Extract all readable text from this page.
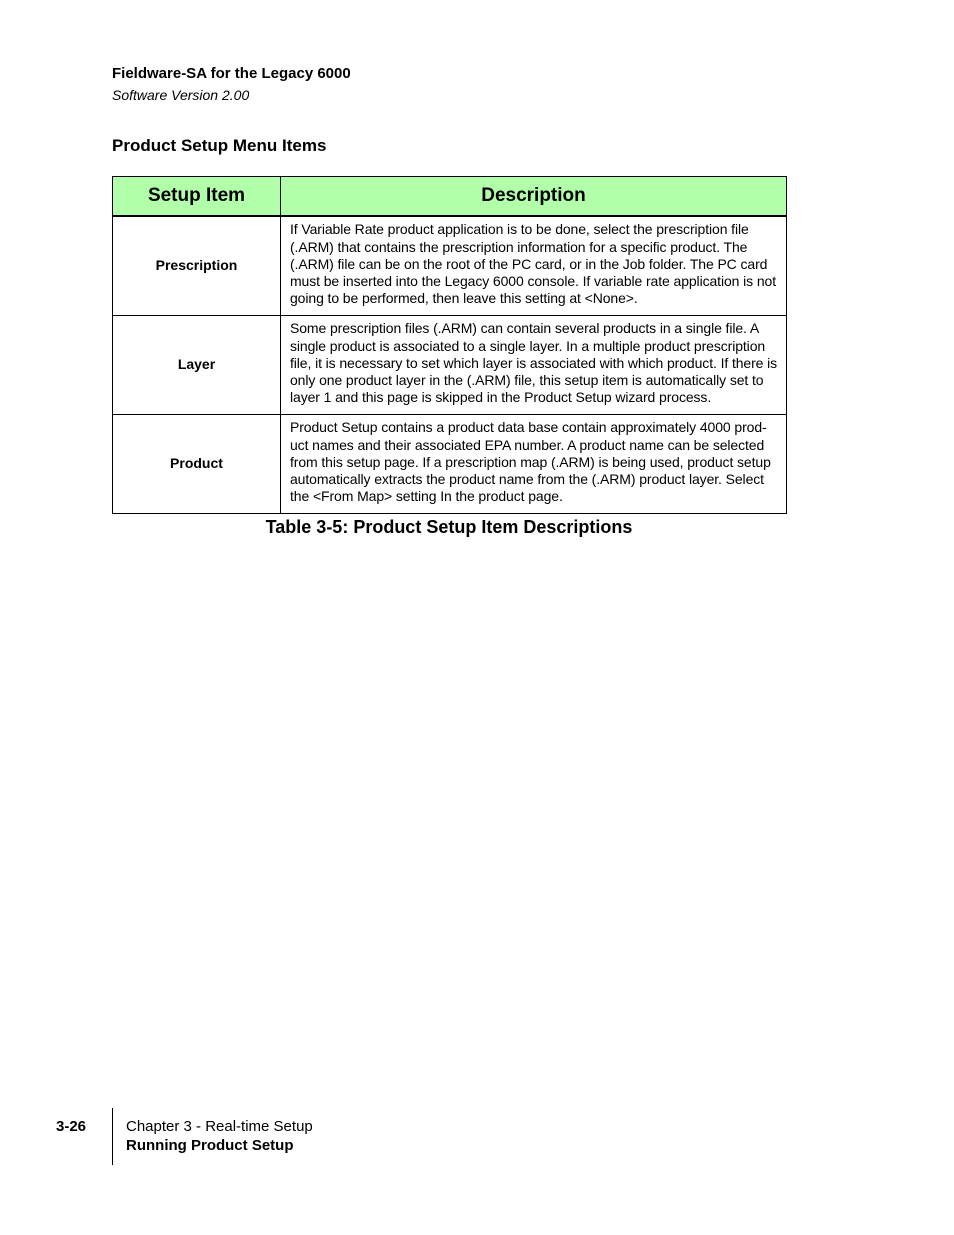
Fieldware-SA for the Legacy 6000
Software Version 2.00
Product Setup Menu Items
Setup Item	Description
Prescription	If Variable Rate product application is to be done, select the prescription file (.ARM) that contains the prescription information for a specific product. The (.ARM) file can be on the root of the PC card, or in the Job folder. The PC card must be inserted into the Legacy 6000 console. If variable rate application is not going to be performed, then leave this setting at <None>.
Layer	Some prescription files (.ARM) can contain several products in a single file. A single product is associated to a single layer. In a multiple product prescription file, it is necessary to set which layer is associated with which product. If there is only one product layer in the (.ARM) file, this setup item is automatically set to layer 1 and this page is skipped in the Product Setup wizard process.
Product	Product Setup contains a product data base contain approximately 4000 prod-uct names and their associated EPA number. A product name can be selected from this setup page. If a prescription map (.ARM) is being used, product setup automatically extracts the product name from the (.ARM) product layer. Select the <From Map> setting In the product page.
Table 3-5: Product Setup Item Descriptions
3-26	Chapter 3 - Real-time Setup
Running Product Setup
